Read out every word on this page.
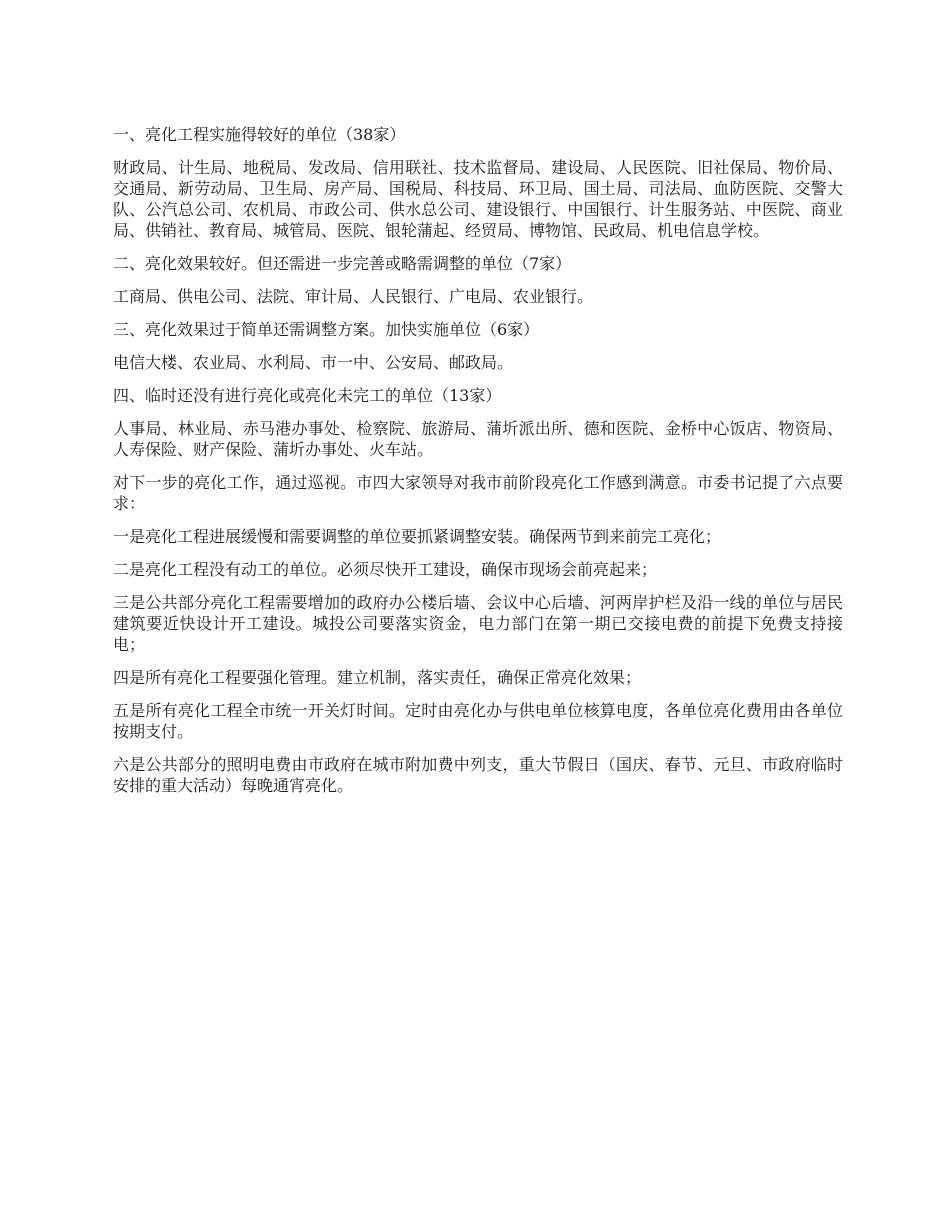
一、亮化工程实施得较好的单位（38家）

财政局、计生局、地税局、发改局、信用联社、技术监督局、建设局、人民医院、旧社保局、物价局、交通局、新劳动局、卫生局、房产局、国税局、科技局、环卫局、国土局、司法局、血防医院、交警大队、公汽总公司、农机局、市政公司、供水总公司、建设银行、中国银行、计生服务站、中医院、商业局、供销社、教育局、城管局、医院、银轮蒲起、经贸局、博物馆、民政局、机电信息学校。

二、亮化效果较好。但还需进一步完善或略需调整的单位（7家）

工商局、供电公司、法院、审计局、人民银行、广电局、农业银行。

三、亮化效果过于简单还需调整方案。加快实施单位（6家）

电信大楼、农业局、水利局、市一中、公安局、邮政局。

四、临时还没有进行亮化或亮化未完工的单位（13家）

人事局、林业局、赤马港办事处、检察院、旅游局、蒲圻派出所、德和医院、金桥中心饭店、物资局、人寿保险、财产保险、蒲圻办事处、火车站。

对下一步的亮化工作，通过巡视。市四大家领导对我市前阶段亮化工作感到满意。市委书记提了六点要求：

一是亮化工程进展缓慢和需要调整的单位要抓紧调整安装。确保两节到来前完工亮化；

二是亮化工程没有动工的单位。必须尽快开工建设，确保市现场会前亮起来；

三是公共部分亮化工程需要增加的政府办公楼后墙、会议中心后墙、河两岸护栏及沿一线的单位与居民建筑要近快设计开工建设。城投公司要落实资金，电力部门在第一期已交接电费的前提下免费支持接电；

四是所有亮化工程要强化管理。建立机制，落实责任，确保正常亮化效果；

五是所有亮化工程全市统一开关灯时间。定时由亮化办与供电单位核算电度，各单位亮化费用由各单位按期支付。

六是公共部分的照明电费由市政府在城市附加费中列支，重大节假日（国庆、春节、元旦、市政府临时安排的重大活动）每晚通宵亮化。
